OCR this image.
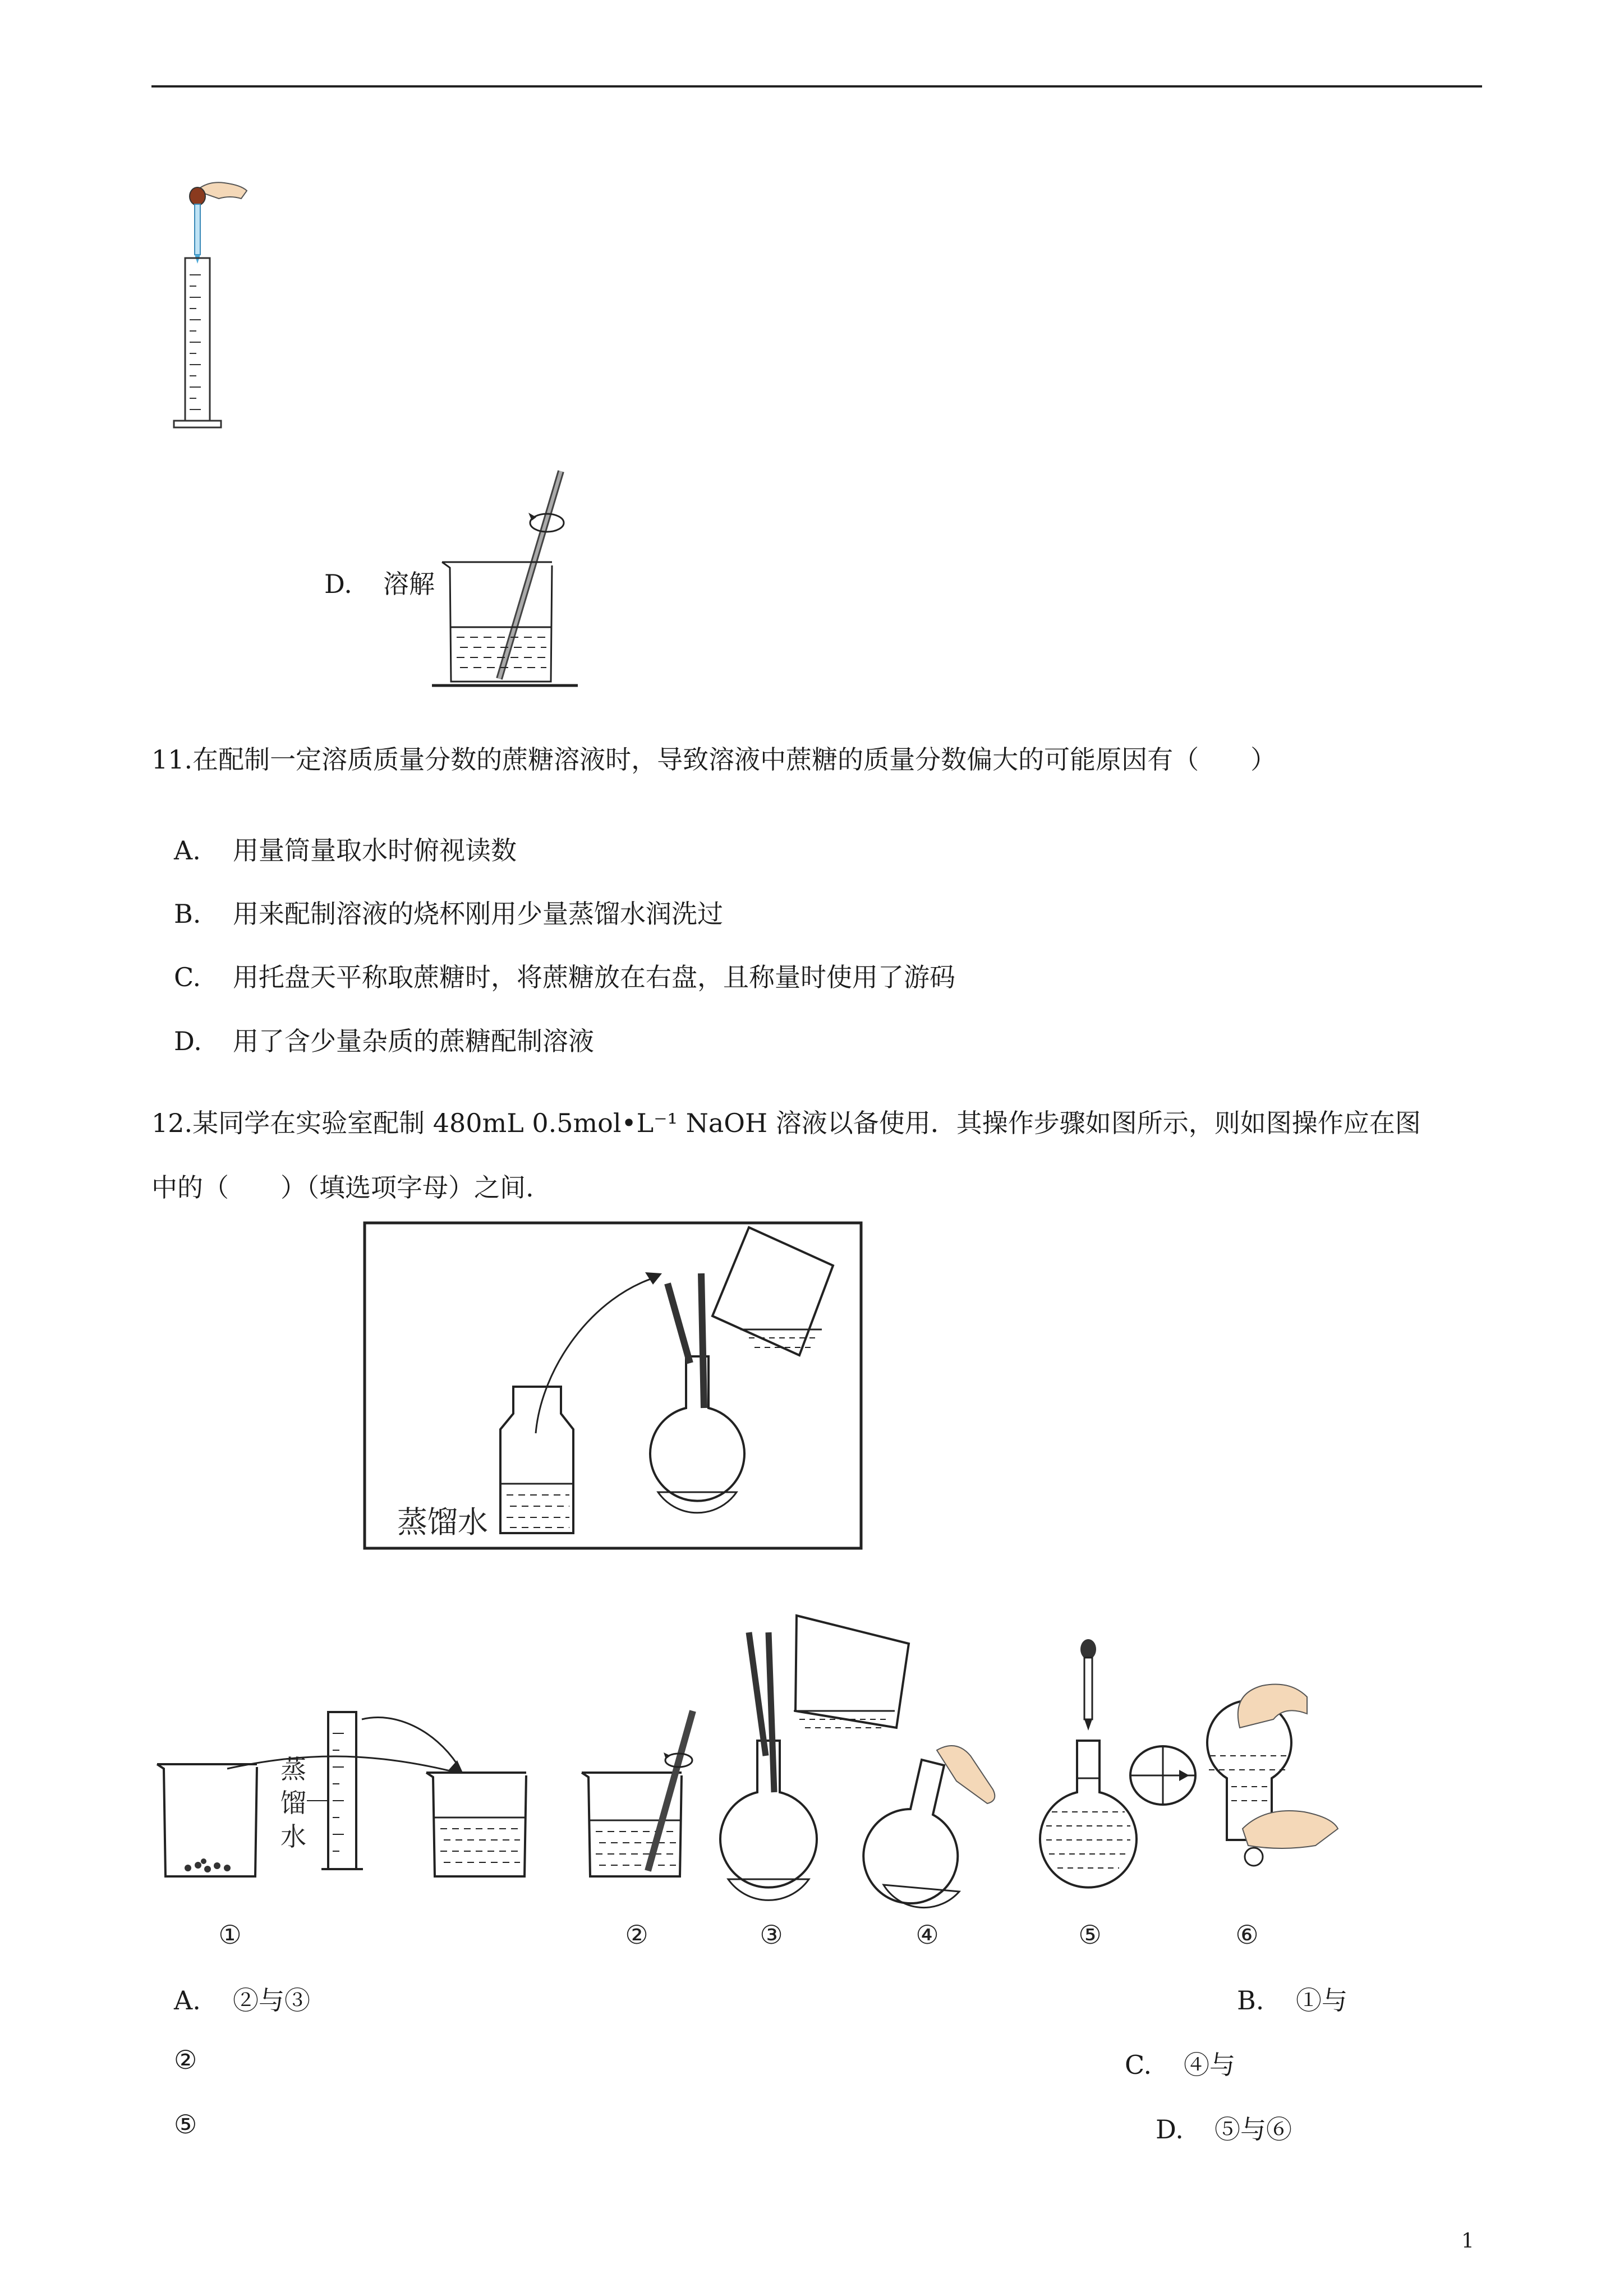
D. 溶解
11.在配制一定溶质质量分数的蔗糖溶液时，导致溶液中蔗糖的质量分数偏大的可能原因有（　　）
A. 用量筒量取水时俯视读数
B. 用来配制溶液的烧杯刚用少量蒸馏水润洗过
C. 用托盘天平称取蔗糖时，将蔗糖放在右盘，且称量时使用了游码
D. 用了含少量杂质的蔗糖配制溶液
12.某同学在实验室配制 480mL 0.5mol•L⁻¹ NaOH 溶液以备使用．其操作步骤如图所示，则如图操作应在图
中的（　　）（填选项字母）之间.
蒸馏水
蒸
馏
水
①	②	③	④	⑤	⑥
A. ②与③	B. ①与
②	C. ④与
⑤	D. ⑤与⑥
1
